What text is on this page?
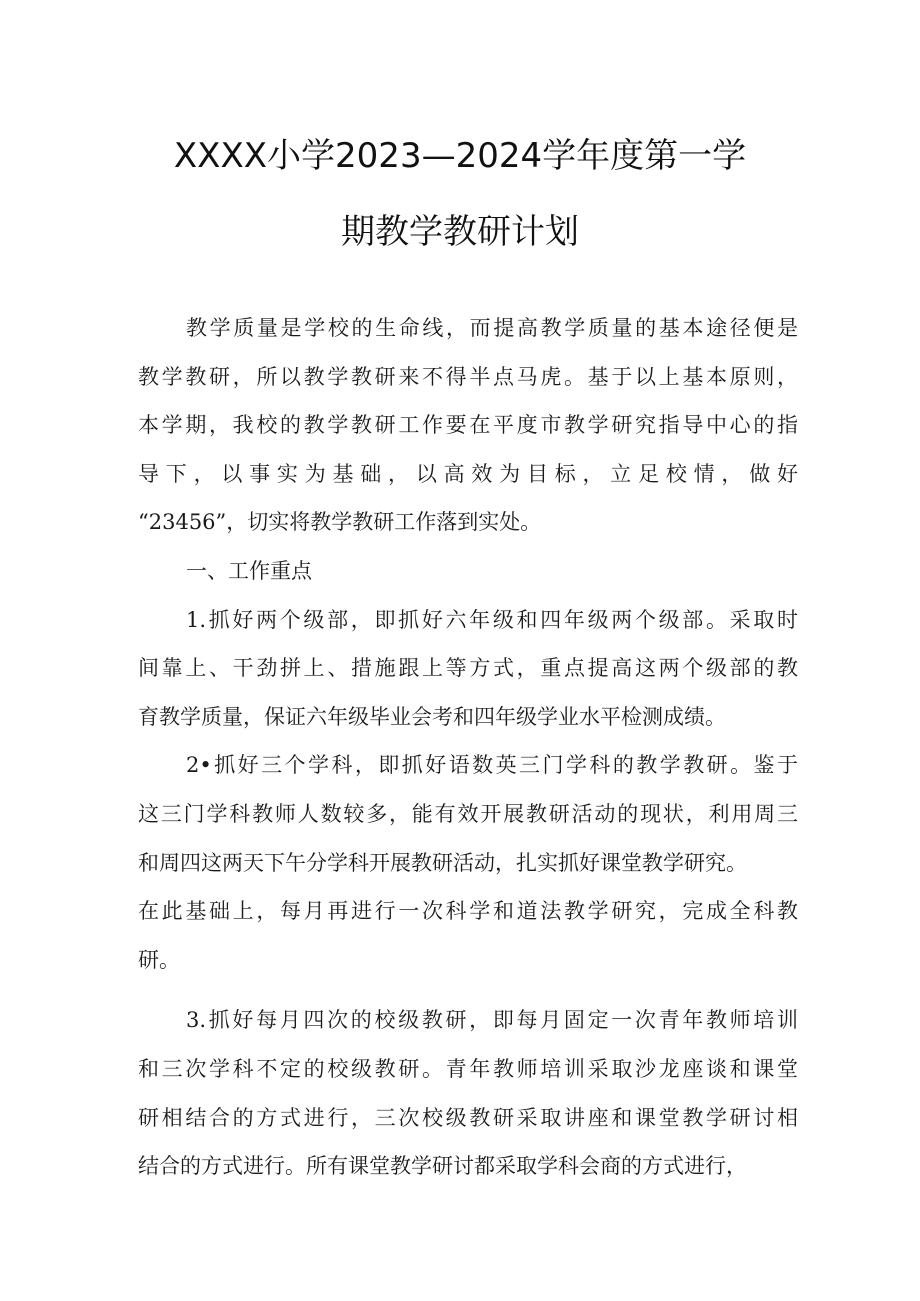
XXXX小学2023—2024学年度第一学
期教学教研计划
教学质量是学校的生命线，而提高教学质量的基本途径便是
教学教研，所以教学教研来不得半点马虎。基于以上基本原则，
本学期，我校的教学教研工作要在平度市教学研究指导中心的指
导下，以事实为基础，以高效为目标，立足校情，做好
“23456”，切实将教学教研工作落到实处。
一、工作重点
1.抓好两个级部，即抓好六年级和四年级两个级部。采取时
间靠上、干劲拼上、措施跟上等方式，重点提高这两个级部的教
育教学质量，保证六年级毕业会考和四年级学业水平检测成绩。
2•抓好三个学科，即抓好语数英三门学科的教学教研。鉴于
这三门学科教师人数较多，能有效开展教研活动的现状，利用周三
和周四这两天下午分学科开展教研活动，扎实抓好课堂教学研究。
在此基础上，每月再进行一次科学和道法教学研究，完成全科教
研。
3.抓好每月四次的校级教研，即每月固定一次青年教师培训
和三次学科不定的校级教研。青年教师培训采取沙龙座谈和课堂
研相结合的方式进行，三次校级教研采取讲座和课堂教学研讨相
结合的方式进行。所有课堂教学研讨都采取学科会商的方式进行，
